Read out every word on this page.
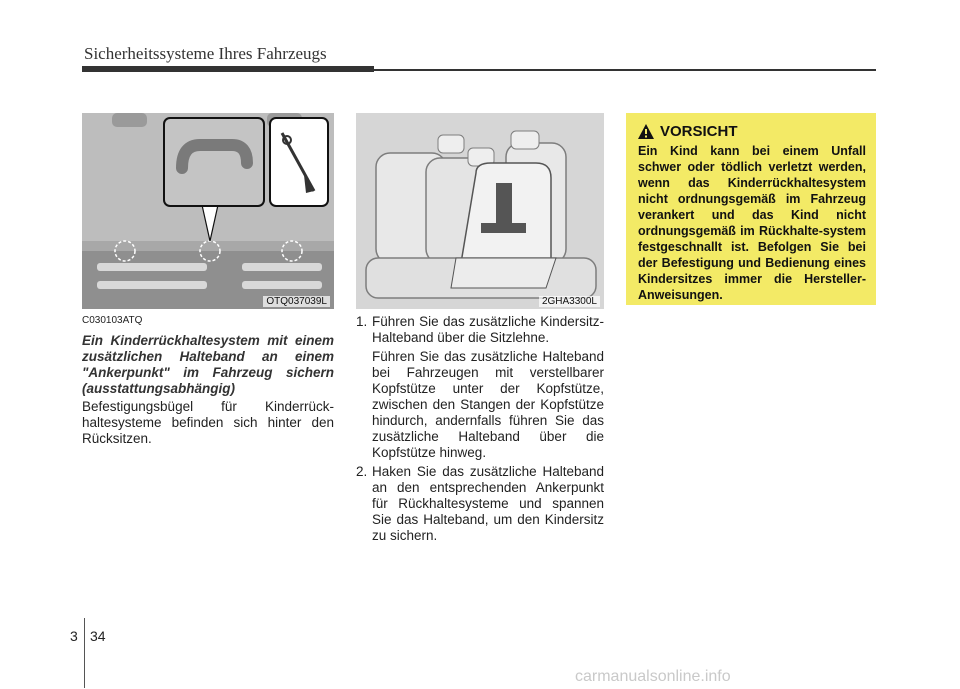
Sicherheitssysteme Ihres Fahrzeugs
OTQ037039L	2GHA3300L
C030103ATQ
Ein Kinderrückhaltesystem mit einem zusätzlichen Halteband an einem "Ankerpunkt" im Fahrzeug sichern (ausstattungsabhängig)
Befestigungsbügel für Kinderrück-haltesysteme befinden sich hinter den Rücksitzen.
1. Führen Sie das zusätzliche Kindersitz-Halteband über die Sitzlehne.

Führen Sie das zusätzliche Halteband bei Fahrzeugen mit verstellbarer Kopfstütze unter der Kopfstütze, zwischen den Stangen der Kopfstütze hindurch, andernfalls führen Sie das zusätzliche Halteband über die Kopfstütze hinweg.

2. Haken Sie das zusätzliche Halteband an den entsprechenden Ankerpunkt für Rückhaltesysteme und spannen Sie das Halteband, um den Kindersitz zu sichern.

VORSICHT
Ein Kind kann bei einem Unfall schwer oder tödlich verletzt werden, wenn das Kinderrückhaltesystem nicht ordnungsgemäß im Fahrzeug verankert und das Kind nicht ordnungsgemäß im Rückhalte-system festgeschnallt ist. Befolgen Sie bei der Befestigung und Bedienung eines Kindersitzes immer die Hersteller-Anweisungen.
3 34
carmanualsonline.info
